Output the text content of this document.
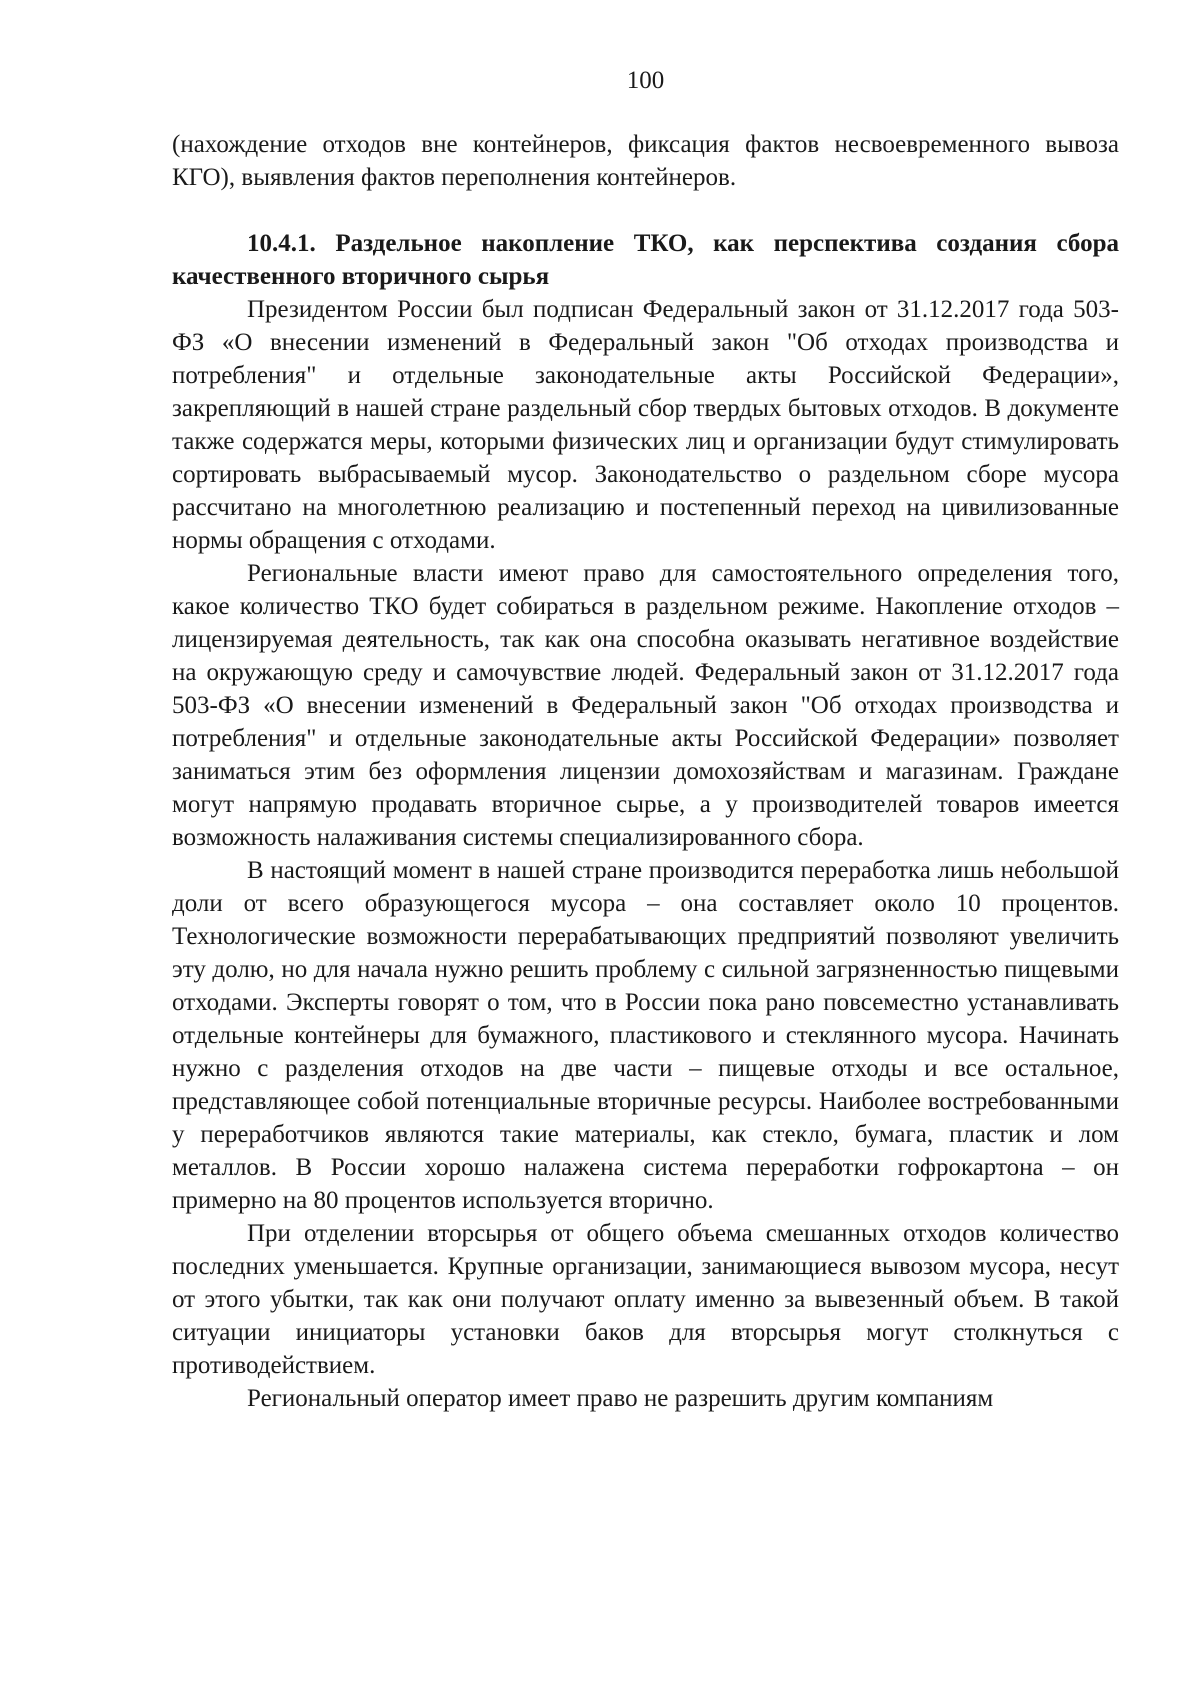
100

(нахождение отходов вне контейнеров, фиксация фактов несвоевременного вывоза КГО), выявления фактов переполнения контейнеров.

10.4.1. Раздельное накопление ТКО, как перспектива создания сбора качественного вторичного сырья

Президентом России был подписан Федеральный закон от 31.12.2017 года 503-ФЗ «О внесении изменений в Федеральный закон "Об отходах производства и потребления" и отдельные законодательные акты Российской Федерации», закрепляющий в нашей стране раздельный сбор твердых бытовых отходов. В документе также содержатся меры, которыми физических лиц и организации будут стимулировать сортировать выбрасываемый мусор. Законодательство о раздельном сборе мусора рассчитано на многолетнюю реализацию и постепенный переход на цивилизованные нормы обращения с отходами.

Региональные власти имеют право для самостоятельного определения того, какое количество ТКО будет собираться в раздельном режиме. Накопление отходов – лицензируемая деятельность, так как она способна оказывать негативное воздействие на окружающую среду и самочувствие людей. Федеральный закон от 31.12.2017 года 503-ФЗ «О внесении изменений в Федеральный закон "Об отходах производства и потребления" и отдельные законодательные акты Российской Федерации» позволяет заниматься этим без оформления лицензии домохозяйствам и магазинам. Граждане могут напрямую продавать вторичное сырье, а у производителей товаров имеется возможность налаживания системы специализированного сбора.

В настоящий момент в нашей стране производится переработка лишь небольшой доли от всего образующегося мусора – она составляет около 10 процентов. Технологические возможности перерабатывающих предприятий позволяют увеличить эту долю, но для начала нужно решить проблему с сильной загрязненностью пищевыми отходами. Эксперты говорят о том, что в России пока рано повсеместно устанавливать отдельные контейнеры для бумажного, пластикового и стеклянного мусора. Начинать нужно с разделения отходов на две части – пищевые отходы и все остальное, представляющее собой потенциальные вторичные ресурсы. Наиболее востребованными у переработчиков являются такие материалы, как стекло, бумага, пластик и лом металлов. В России хорошо налажена система переработки гофрокартона – он примерно на 80 процентов используется вторично.

При отделении вторсырья от общего объема смешанных отходов количество последних уменьшается. Крупные организации, занимающиеся вывозом мусора, несут от этого убытки, так как они получают оплату именно за вывезенный объем. В такой ситуации инициаторы установки баков для вторсырья могут столкнуться с противодействием.

Региональный оператор имеет право не разрешить другим компаниям
